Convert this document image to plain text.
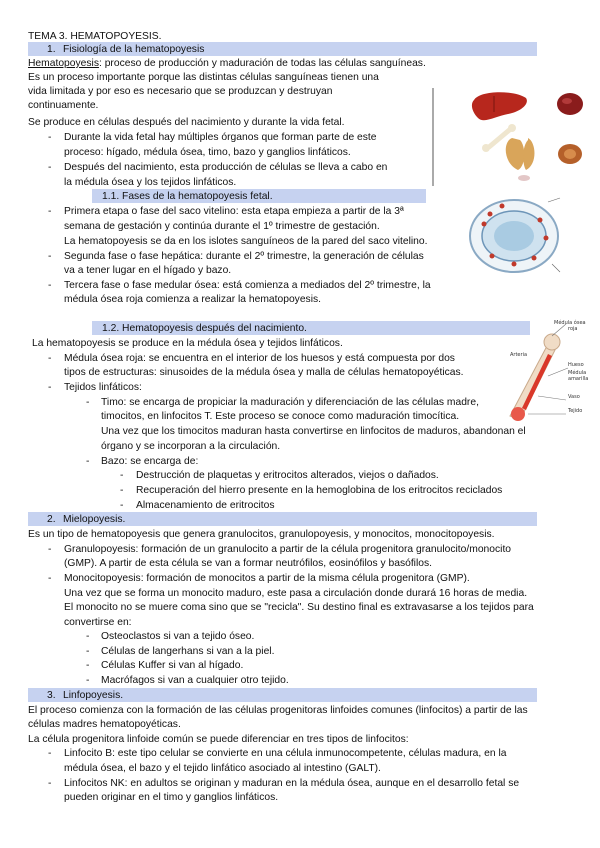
TEMA 3. HEMATOPOYESIS.
1. Fisiología de la hematopoyesis
Hematopoyesis: proceso de producción y maduración de todas las células sanguíneas.
Es un proceso importante porque las distintas células sanguíneas tienen una
vida limitada y por eso es necesario que se produzcan y destruyan
continuamente.
Se produce en células después del nacimiento y durante la vida fetal.
- Durante la vida fetal hay múltiples órganos que forman parte de este
proceso: hígado, médula ósea, timo, bazo y ganglios linfáticos.
- Después del nacimiento, esta producción de células se lleva a cabo en
la médula ósea y los tejidos linfáticos.
1.1. Fases de la hematopoyesis fetal.
- Primera etapa o fase del saco vitelino: esta etapa empieza a partir de la 3ª
semana de gestación y continúa durante el 1º trimestre de gestación.
La hematopoyesis se da en los islotes sanguíneos de la pared del saco vitelino.
- Segunda fase o fase hepática: durante el 2º trimestre, la generación de células
va a tener lugar en el hígado y bazo.
- Tercera fase o fase medular ósea: está comienza a mediados del 2º trimestre, la
médula ósea roja comienza a realizar la hematopoyesis.
1.2. Hematopoyesis después del nacimiento.
La hematopoyesis se produce en la médula ósea y tejidos linfáticos.
- Médula ósea roja: se encuentra en el interior de los huesos y está compuesta por dos
tipos de estructuras: sinusoides de la médula ósea y malla de células hematopoyéticas.
- Tejidos linfáticos:
- Timo: se encarga de propiciar la maduración y diferenciación de las células madre,
timocitos, en linfocitos T. Este proceso se conoce como maduración timocítica.
Una vez que los timocitos maduran hasta convertirse en linfocitos de maduros, abandonan el
órgano y se incorporan a la circulación.
- Bazo: se encarga de:
- Destrucción de plaquetas y eritrocitos alterados, viejos o dañados.
- Recuperación del hierro presente en la hemoglobina de los eritrocitos reciclados
- Almacenamiento de eritrocitos
Médula ósea
roja
Hueso
Médula
amarilla
Vaso
Tejido
Arteria
2. Mielopoyesis.
Es un tipo de hematopoyesis que genera granulocitos, granulopoyesis, y monocitos, monocitopoyesis.
- Granulopoyesis: formación de un granulocito a partir de la célula progenitora granulocito/monocito
(GMP). A partir de esta célula se van a formar neutrófilos, eosinófilos y basófilos.
- Monocitopoyesis: formación de monocitos a partir de la misma célula progenitora (GMP).
Una vez que se forma un monocito maduro, este pasa a circulación donde durará 16 horas de media.
El monocito no se muere coma sino que se "recicla". Su destino final es extravasarse a los tejidos para
convertirse en:
- Osteoclastos si van a tejido óseo.
- Células de langerhans si van a la piel.
- Células Kuffer si van al hígado.
- Macrófagos si van a cualquier otro tejido.
3. Linfopoyesis.
El proceso comienza con la formación de las células progenitoras linfoides comunes (linfocitos) a partir de las
células madres hematopoyéticas.
La célula progenitora linfoide común se puede diferenciar en tres tipos de linfocitos:
- Linfocito B: este tipo celular se convierte en una célula inmunocompetente, células madura, en la
médula ósea, el bazo y el tejido linfático asociado al intestino (GALT).
- Linfocitos NK: en adultos se originan y maduran en la médula ósea, aunque en el desarrollo fetal se
pueden originar en el timo y ganglios linfáticos.
